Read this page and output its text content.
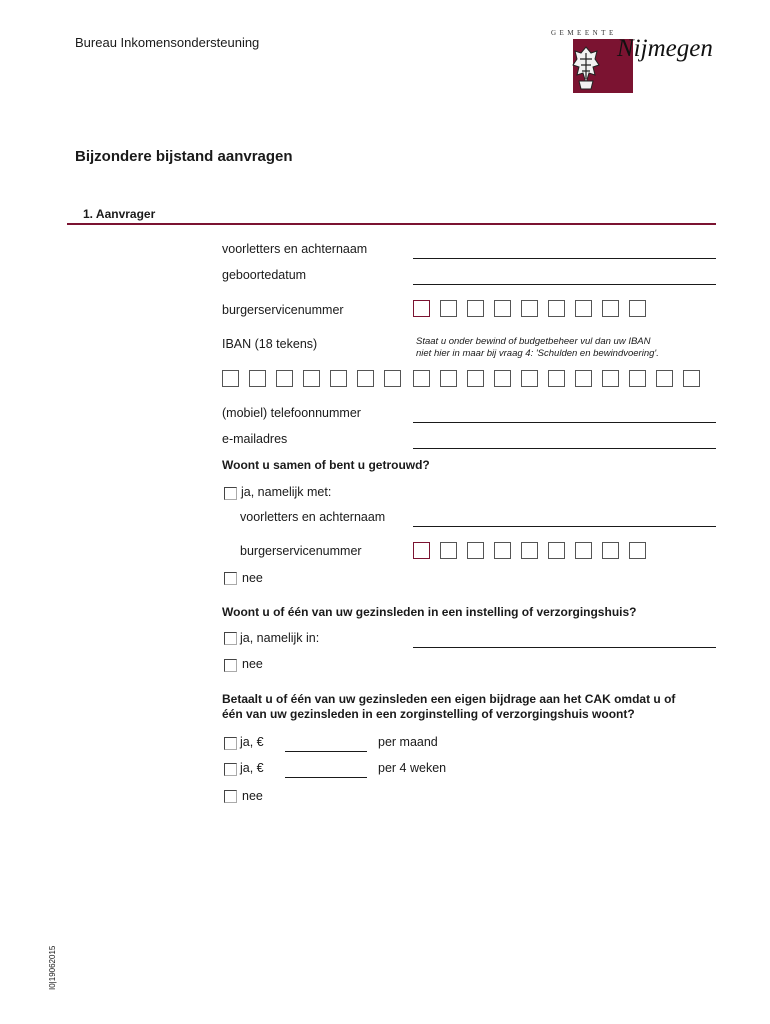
Bureau Inkomensondersteuning
GEMEENTE
Nijmegen
Bijzondere bijstand aanvragen
1. Aanvrager
voorletters en achternaam
geboortedatum
burgerservicenummer
IBAN (18 tekens)	Staat u onder bewind of budgetbeheer vul dan uw IBAN
niet hier in maar bij vraag 4: 'Schulden en bewindvoering'.
(mobiel) telefoonnummer
e-mailadres
Woont u samen of bent u getrouwd?
ja, namelijk met:
voorletters en achternaam
burgerservicenummer
nee
Woont u of één van uw gezinsleden in een instelling of verzorgingshuis?
ja, namelijk in:
nee
Betaalt u of één van uw gezinsleden een eigen bijdrage aan het CAK omdat u of
één van uw gezinsleden in een zorginstelling of verzorgingshuis woont?
ja, €	per maand
ja, €	per 4 weken
nee
I0|19062015
